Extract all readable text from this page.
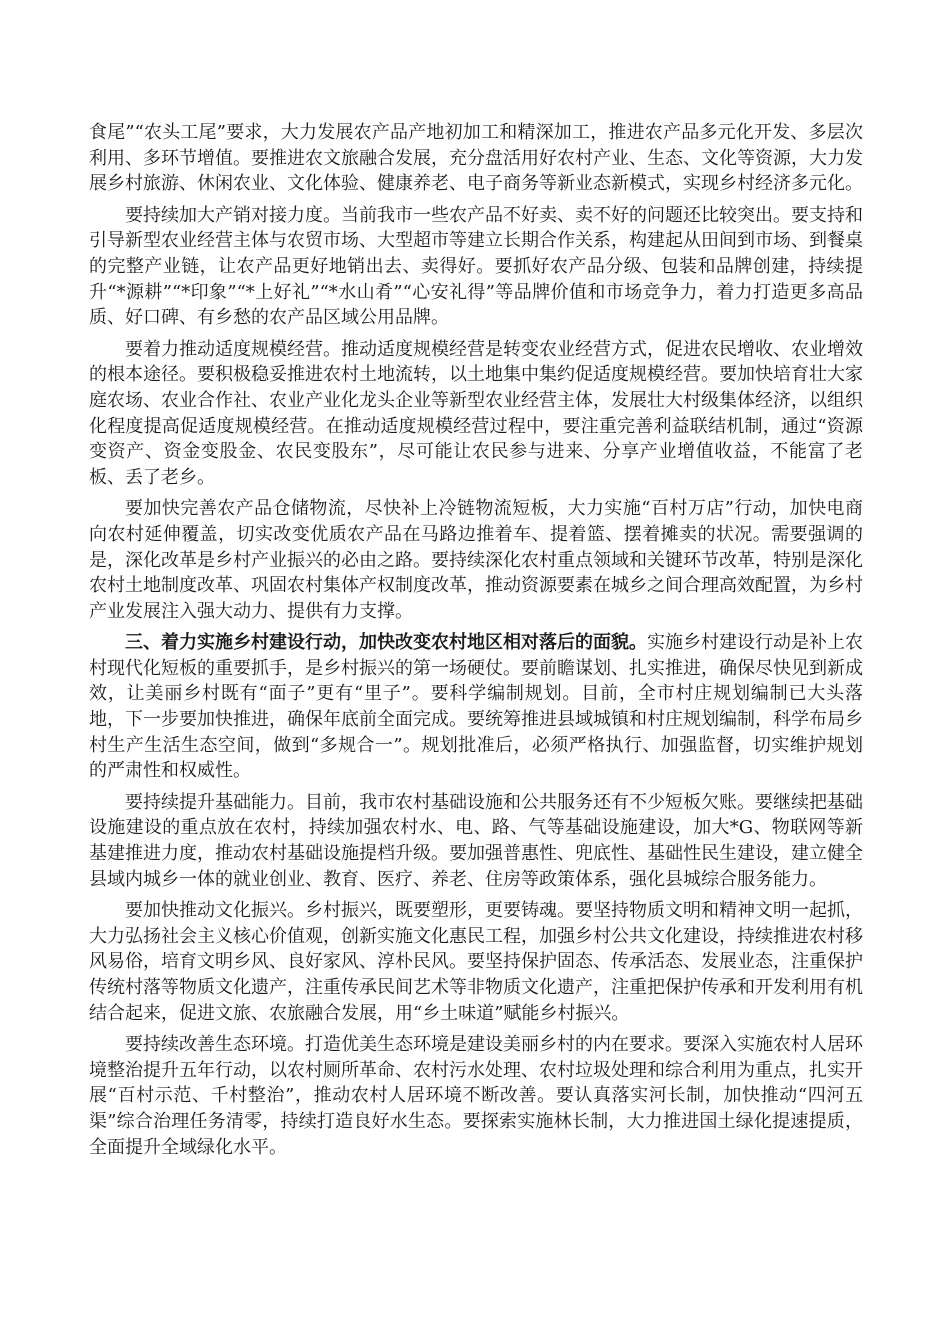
食尾”“农头工尾”要求，大力发展农产品产地初加工和精深加工，推进农产品多元化开发、多层次利用、多环节增值。要推进农文旅融合发展，充分盘活用好农村产业、生态、文化等资源，大力发展乡村旅游、休闲农业、文化体验、健康养老、电子商务等新业态新模式，实现乡村经济多元化。

要持续加大产销对接力度。当前我市一些农产品不好卖、卖不好的问题还比较突出。要支持和引导新型农业经营主体与农贸市场、大型超市等建立长期合作关系，构建起从田间到市场、到餐桌的完整产业链，让农产品更好地销出去、卖得好。要抓好农产品分级、包装和品牌创建，持续提升“*源耕”“*印象”“*上好礼”“*水山肴”“心安礼得”等品牌价值和市场竞争力，着力打造更多高品质、好口碑、有乡愁的农产品区域公用品牌。

要着力推动适度规模经营。推动适度规模经营是转变农业经营方式，促进农民增收、农业增效的根本途径。要积极稳妥推进农村土地流转，以土地集中集约促适度规模经营。要加快培育壮大家庭农场、农业合作社、农业产业化龙头企业等新型农业经营主体，发展壮大村级集体经济，以组织化程度提高促适度规模经营。在推动适度规模经营过程中，要注重完善利益联结机制，通过“资源变资产、资金变股金、农民变股东”，尽可能让农民参与进来、分享产业增值收益，不能富了老板、丢了老乡。

要加快完善农产品仓储物流，尽快补上冷链物流短板，大力实施“百村万店”行动，加快电商向农村延伸覆盖，切实改变优质农产品在马路边推着车、提着篮、摆着摊卖的状况。需要强调的是，深化改革是乡村产业振兴的必由之路。要持续深化农村重点领域和关键环节改革，特别是深化农村土地制度改革、巩固农村集体产权制度改革，推动资源要素在城乡之间合理高效配置，为乡村产业发展注入强大动力、提供有力支撑。

三、着力实施乡村建设行动，加快改变农村地区相对落后的面貌。实施乡村建设行动是补上农村现代化短板的重要抓手，是乡村振兴的第一场硬仗。要前瞻谋划、扎实推进，确保尽快见到新成效，让美丽乡村既有“面子”更有“里子”。要科学编制规划。目前，全市村庄规划编制已大头落地，下一步要加快推进，确保年底前全面完成。要统筹推进县域城镇和村庄规划编制，科学布局乡村生产生活生态空间，做到“多规合一”。规划批准后，必须严格执行、加强监督，切实维护规划的严肃性和权威性。

要持续提升基础能力。目前，我市农村基础设施和公共服务还有不少短板欠账。要继续把基础设施建设的重点放在农村，持续加强农村水、电、路、气等基础设施建设，加大*G、物联网等新基建推进力度，推动农村基础设施提档升级。要加强普惠性、兜底性、基础性民生建设，建立健全县域内城乡一体的就业创业、教育、医疗、养老、住房等政策体系，强化县城综合服务能力。

要加快推动文化振兴。乡村振兴，既要塑形，更要铸魂。要坚持物质文明和精神文明一起抓，大力弘扬社会主义核心价值观，创新实施文化惠民工程，加强乡村公共文化建设，持续推进农村移风易俗，培育文明乡风、良好家风、淳朴民风。要坚持保护固态、传承活态、发展业态，注重保护传统村落等物质文化遗产，注重传承民间艺术等非物质文化遗产，注重把保护传承和开发利用有机结合起来，促进文旅、农旅融合发展，用“乡土味道”赋能乡村振兴。

要持续改善生态环境。打造优美生态环境是建设美丽乡村的内在要求。要深入实施农村人居环境整治提升五年行动，以农村厕所革命、农村污水处理、农村垃圾处理和综合利用为重点，扎实开展“百村示范、千村整治”，推动农村人居环境不断改善。要认真落实河长制，加快推动“四河五渠”综合治理任务清零，持续打造良好水生态。要探索实施林长制，大力推进国土绿化提速提质，全面提升全域绿化水平。
